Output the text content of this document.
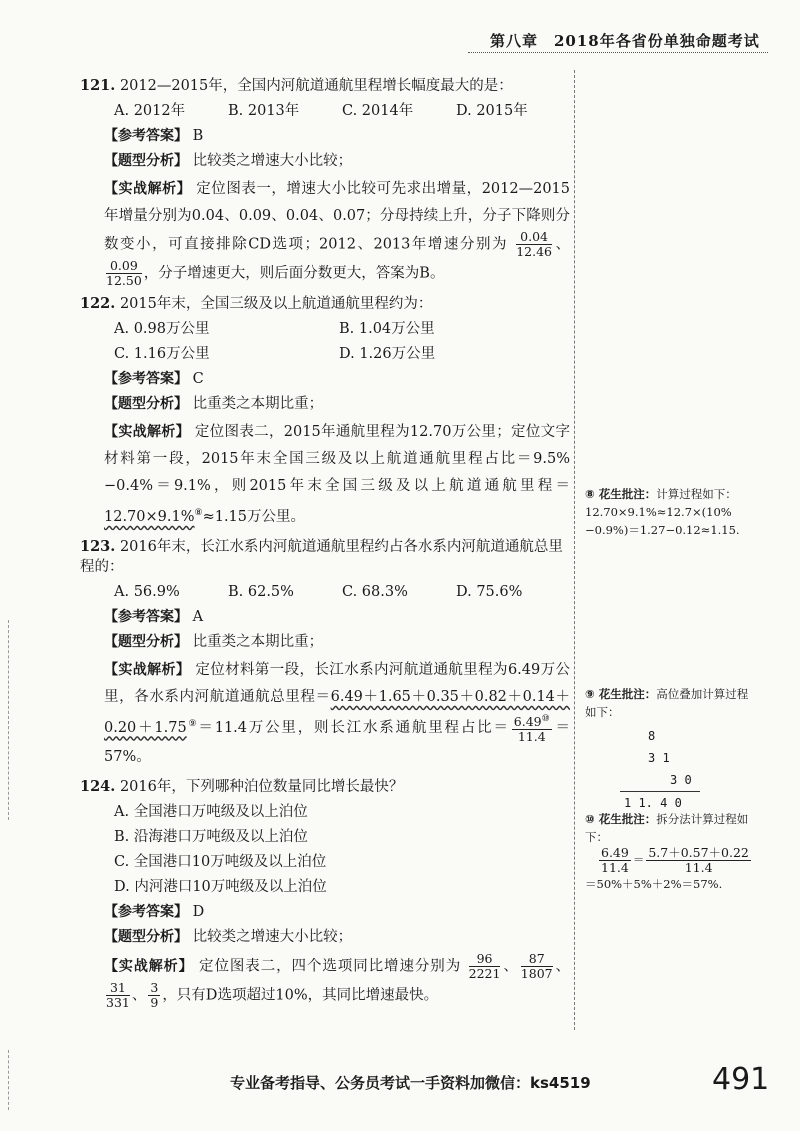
第八章　2018年各省份单独命题考试
121. 2012—2015年，全国内河航道通航里程增长幅度最大的是：
A. 2012年	B. 2013年	C. 2014年	D. 2015年
【参考答案】 B
【题型分析】 比较类之增速大小比较；
【实战解析】 定位图表一，增速大小比较可先求出增量，2012—2015年增量分别为0.04、0.09、0.04、0.07；分母持续上升，分子下降则分数变小，可直接排除CD选项；2012、2013年增速分别为 $\frac{0.04}{12.46}$ 、
$\frac{0.09}{12.50}$ ，分子增速更大，则后面分数更大，答案为B。
122. 2015年末，全国三级及以上航道通航里程约为：
A. 0.98万公里	B. 1.04万公里
C. 1.16万公里	D. 1.26万公里
【参考答案】 C
【题型分析】 比重类之本期比重；
【实战解析】 定位图表二，2015年通航里程为12.70万公里；定位文字材料第一段，2015年末全国三级及以上航道通航里程占比＝9.5%−0.4%＝9.1%，则2015年末全国三级及以上航道通航里程＝12.70×9.1%⑧≈1.15万公里。
123. 2016年末，长江水系内河航道通航里程约占各水系内河航道通航总里程的：
A. 56.9%	B. 62.5%	C. 68.3%	D. 75.6%
【参考答案】 A
【题型分析】 比重类之本期比重；
【实战解析】 定位材料第一段，长江水系内河航道通航里程为6.49万公里，各水系内河航道通航总里程＝6.49＋1.65＋0.35＋0.82＋0.14＋0.20＋1.75⑨＝11.4万公里，则长江水系通航里程占比＝ $\frac{6.49^⑩}{11.4} =57\%$。
124. 2016年，下列哪种泊位数量同比增长最快？
A. 全国港口万吨级及以上泊位
B. 沿海港口万吨级及以上泊位
C. 全国港口10万吨级及以上泊位
D. 内河港口10万吨级及以上泊位
【参考答案】 D
【题型分析】 比较类之增速大小比较；
【实战解析】 定位图表二，四个选项同比增速分别为 $\frac{96}{2221}$ 、 $\frac{87}{1807}$ 、
$\frac{31}{331}$ 、 $\frac{3}{9}$ ，只有D选项超过10%，其同比增速最快。
⑧ 花生批注：计算过程如下：
12.70×9.1%≈12.7×(10%−0.9%)＝1.27−0.12≈1.15.
⑨ 花生批注：高位叠加计算过程如下：
8
3 1
3 0
1 1. 4 0
⑩ 花生批注：拆分法计算过程如下：

$\frac{6.49}{11.4} = \frac{5.7+0.57+0.22}{11.4}$

＝50%＋5%＋2%＝57%.
专业备考指导、公务员考试一手资料加微信：ks4519	491
